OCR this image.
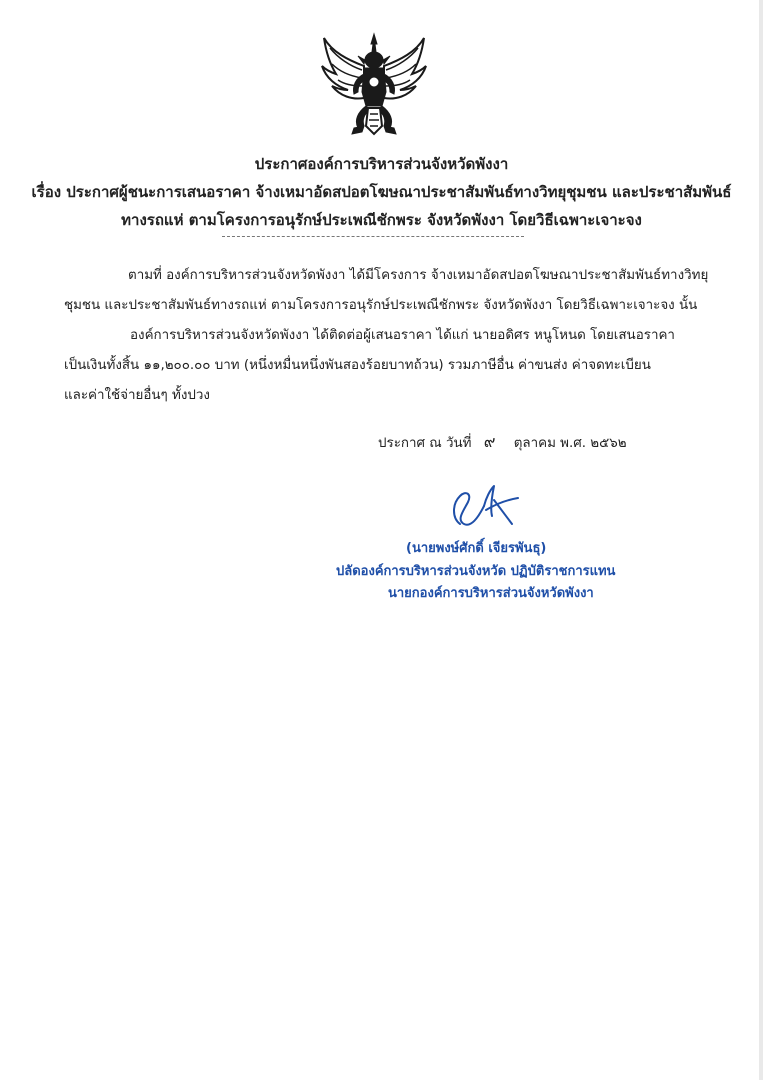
ประกาศองค์การบริหารส่วนจังหวัดพังงา
เรื่อง ประกาศผู้ชนะการเสนอราคา จ้างเหมาอัดสปอตโฆษณาประชาสัมพันธ์ทางวิทยุชุมชน และประชาสัมพันธ์
ทางรถแห่ ตามโครงการอนุรักษ์ประเพณีชักพระ จังหวัดพังงา โดยวิธีเฉพาะเจาะจง
ตามที่ องค์การบริหารส่วนจังหวัดพังงา ได้มีโครงการ จ้างเหมาอัดสปอตโฆษณาประชาสัมพันธ์ทางวิทยุ
ชุมชน และประชาสัมพันธ์ทางรถแห่ ตามโครงการอนุรักษ์ประเพณีชักพระ จังหวัดพังงา โดยวิธีเฉพาะเจาะจง นั้น
องค์การบริหารส่วนจังหวัดพังงา ได้ติดต่อผู้เสนอราคา ได้แก่ นายอดิศร หนูโหนด โดยเสนอราคา
เป็นเงินทั้งสิ้น ๑๑,๒๐๐.๐๐ บาท (หนึ่งหมื่นหนึ่งพันสองร้อยบาทถ้วน) รวมภาษีอื่น ค่าขนส่ง ค่าจดทะเบียน
และค่าใช้จ่ายอื่นๆ ทั้งปวง
ประกาศ ณ วันที่ ๙ ตุลาคม พ.ศ. ๒๕๖๒
(นายพงษ์ศักดิ์ เจียรพันธุ)
ปลัดองค์การบริหารส่วนจังหวัด ปฏิบัติราชการแทน
นายกองค์การบริหารส่วนจังหวัดพังงา
